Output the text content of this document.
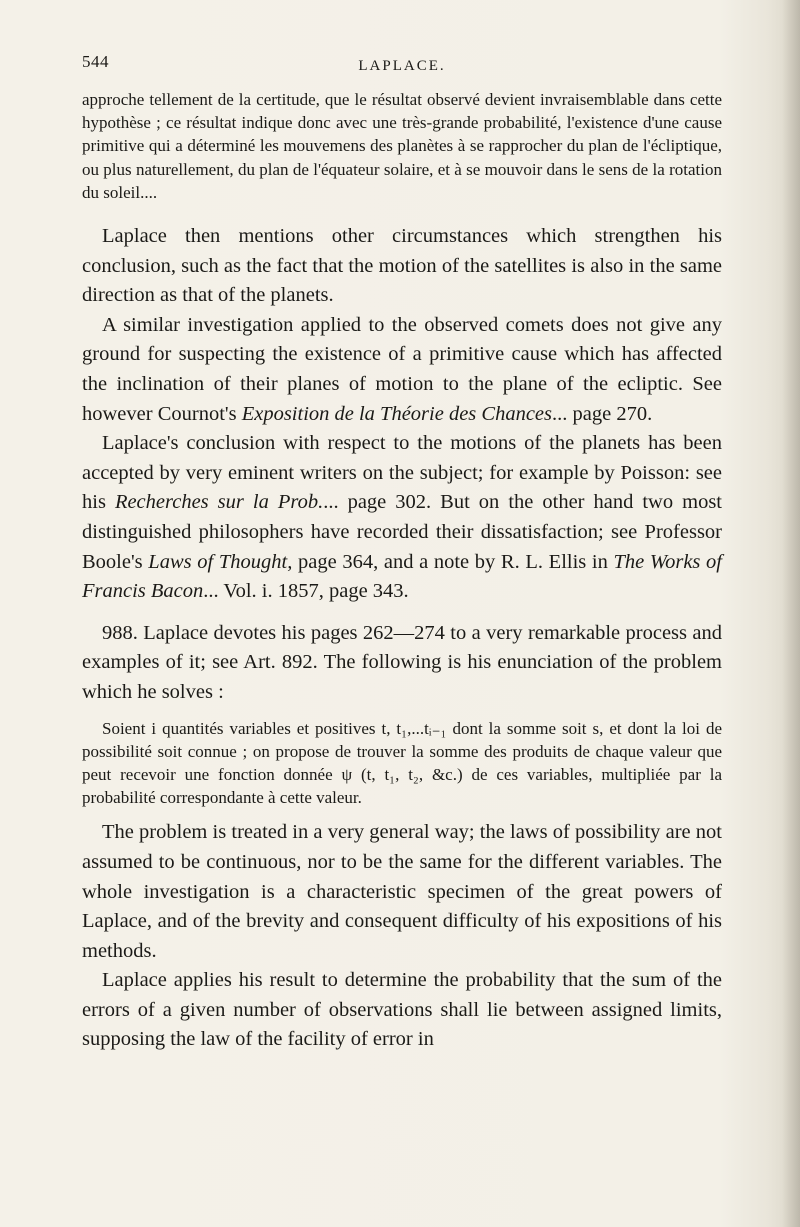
544	LAPLACE.

approche tellement de la certitude, que le résultat observé devient invraisemblable dans cette hypothèse ; ce résultat indique donc avec une très-grande probabilité, l'existence d'une cause primitive qui a déterminé les mouvemens des planètes à se rapprocher du plan de l'écliptique, ou plus naturellement, du plan de l'équateur solaire, et à se mouvoir dans le sens de la rotation du soleil....

Laplace then mentions other circumstances which strengthen his conclusion, such as the fact that the motion of the satellites is also in the same direction as that of the planets.

A similar investigation applied to the observed comets does not give any ground for suspecting the existence of a primitive cause which has affected the inclination of their planes of motion to the plane of the ecliptic. See however Cournot's Exposition de la Théorie des Chances... page 270.

Laplace's conclusion with respect to the motions of the planets has been accepted by very eminent writers on the subject; for example by Poisson: see his Recherches sur la Prob.... page 302. But on the other hand two most distinguished philosophers have recorded their dissatisfaction; see Professor Boole's Laws of Thought, page 364, and a note by R. L. Ellis in The Works of Francis Bacon... Vol. i. 1857, page 343.

988. Laplace devotes his pages 262—274 to a very remarkable process and examples of it; see Art. 892. The following is his enunciation of the problem which he solves :

Soient i quantités variables et positives t, t₁,...tᵢ₋₁ dont la somme soit s, et dont la loi de possibilité soit connue ; on propose de trouver la somme des produits de chaque valeur que peut recevoir une fonction donnée ψ (t, t₁, t₂, &c.) de ces variables, multipliée par la probabilité correspondante à cette valeur.

The problem is treated in a very general way; the laws of possibility are not assumed to be continuous, nor to be the same for the different variables. The whole investigation is a characteristic specimen of the great powers of Laplace, and of the brevity and consequent difficulty of his expositions of his methods.

Laplace applies his result to determine the probability that the sum of the errors of a given number of observations shall lie between assigned limits, supposing the law of the facility of error in
